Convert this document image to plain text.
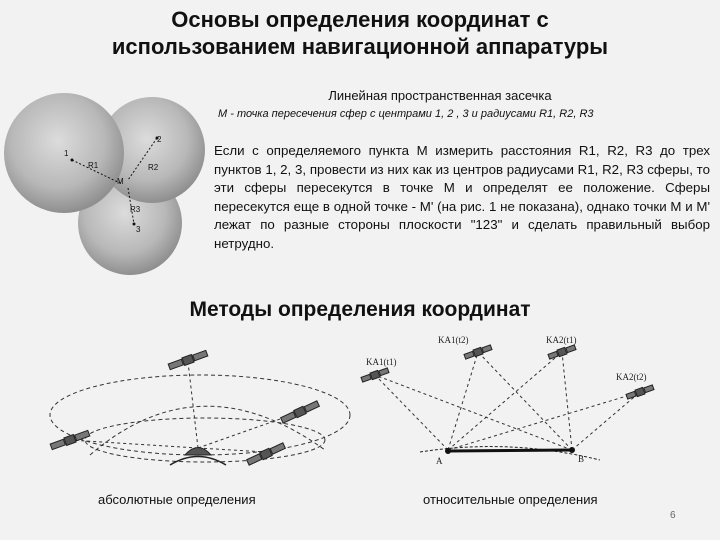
Основы определения координат с
использованием навигационной аппаратуры
1
2
3
M
R1	R2
R3
Линейная пространственная засечка
М - точка пересечения сфер с центрами 1, 2 , 3 и радиусами R1, R2, R3
Если с определяемого пункта M измерить расстояния R1, R2, R3 до трех пунктов 1, 2, 3, провести из них как из центров радиусами R1, R2, R3 сферы, то эти сферы пересекутся в точке M и определят ее положение. Сферы пересекутся еще в одной точке - M' (на рис. 1 не показана), однако точки M и M' лежат по разные стороны плоскости "123" и сделать правильный выбор нетрудно.
Методы определения координат
KA1(t1)
KA1(t2)	KA2(t1)
KA2(t2)
A	B
абсолютные определения	относительные определения
6
